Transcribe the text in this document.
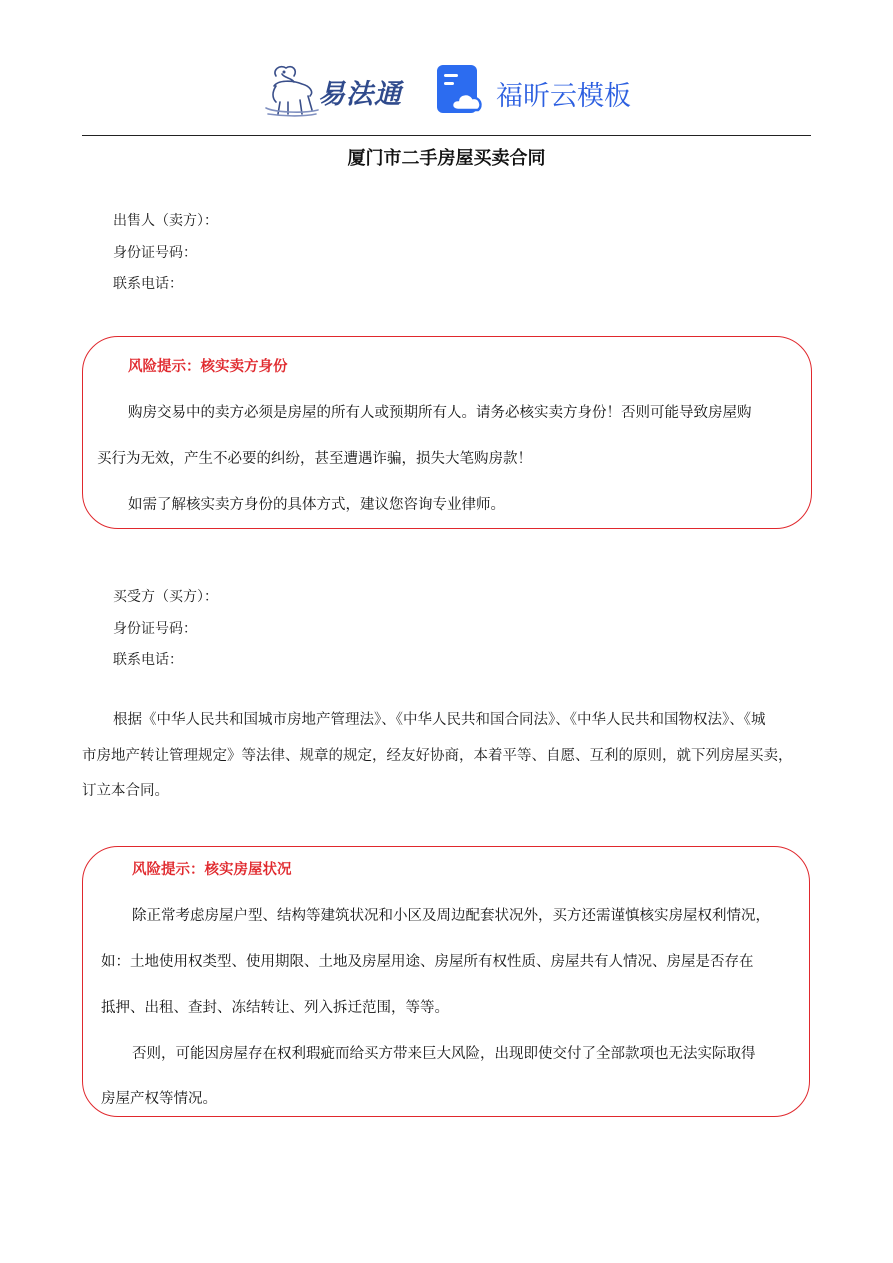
易法通	福昕云模板
厦门市二手房屋买卖合同
出售人（卖方）：
身份证号码：
联系电话：
风险提示：核实卖方身份
购房交易中的卖方必须是房屋的所有人或预期所有人。请务必核实卖方身份！否则可能导致房屋购
买行为无效，产生不必要的纠纷，甚至遭遇诈骗，损失大笔购房款！
如需了解核实卖方身份的具体方式，建议您咨询专业律师。
买受方（买方）：
身份证号码：
联系电话：
根据《中华人民共和国城市房地产管理法》、《中华人民共和国合同法》、《中华人民共和国物权法》、《城
市房地产转让管理规定》等法律、规章的规定，经友好协商，本着平等、自愿、互利的原则，就下列房屋买卖，
订立本合同。
风险提示：核实房屋状况
除正常考虑房屋户型、结构等建筑状况和小区及周边配套状况外，买方还需谨慎核实房屋权利情况，
如：土地使用权类型、使用期限、土地及房屋用途、房屋所有权性质、房屋共有人情况、房屋是否存在
抵押、出租、查封、冻结转让、列入拆迁范围，等等。
否则，可能因房屋存在权利瑕疵而给买方带来巨大风险，出现即使交付了全部款项也无法实际取得
房屋产权等情况。
